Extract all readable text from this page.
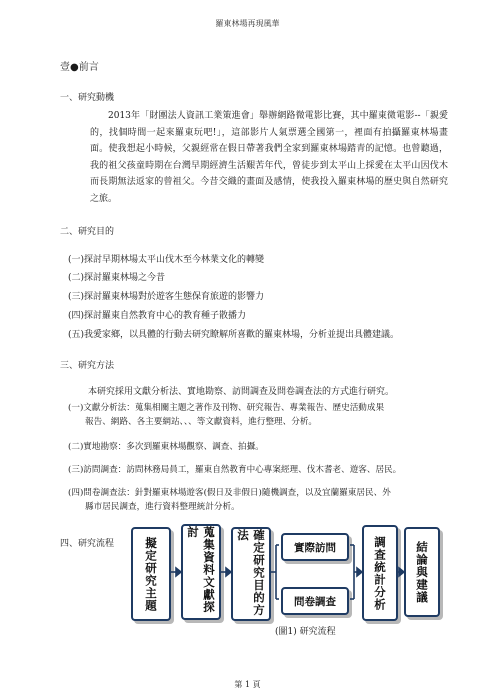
羅東林場再現風華
壹●前言
一、研究動機
2013年「財團法人資訊工業策進會」舉辦網路微電影比賽，其中羅東微電影--「親愛的，找個時間一起來羅東玩吧!」，這部影片人氣票選全國第一，裡面有拍攝羅東林場畫面。使我想起小時候，父親經常在假日帶著我們全家到羅東林場踏青的記憶。也曾聽過，我的祖父孩童時期在台灣早期經濟生活艱苦年代，曾徒步到太平山上採愛在太平山因伐木而長期無法返家的曾祖父。今昔交織的畫面及感情，使我投入羅東林場的歷史與自然研究之旅。
二、研究目的
(一)探討早期林場太平山伐木至今林業文化的轉變
(二)探討羅東林場之今昔
(三)探討羅東林場對於遊客生態保育旅遊的影響力
(四)探討羅東自然教育中心的教育種子散播力
(五)我愛家鄉，以具體的行動去研究瞭解所喜歡的羅東林場，分析並提出具體建議。
三、研究方法
本研究採用文獻分析法、實地勘察、訪問調查及問卷調查法的方式進行研究。
(一)文獻分析法：蒐集相關主題之著作及刊物、研究報告、專業報告、歷史活動成果
報告、網路、各主要網站、、、等文獻資料，進行整理、分析。
(二)實地勘察：多次到羅東林場觀察、調查、拍攝。
(三)訪問調查：訪問林務局員工，羅東自然教育中心專案經理、伐木耆老、遊客、居民。
(四)問卷調查法：針對羅東林場遊客(假日及非假日)隨機調查，以及宜蘭羅東居民、外
縣市居民調查，進行資料整理統計分析。
四、研究流程	擬定研究主題	蒐集資料文獻探討	確定研究目的方法
實際訪問
問卷調查	調查統計分析 結論與建議
(圖1) 研究流程
第 1 頁
